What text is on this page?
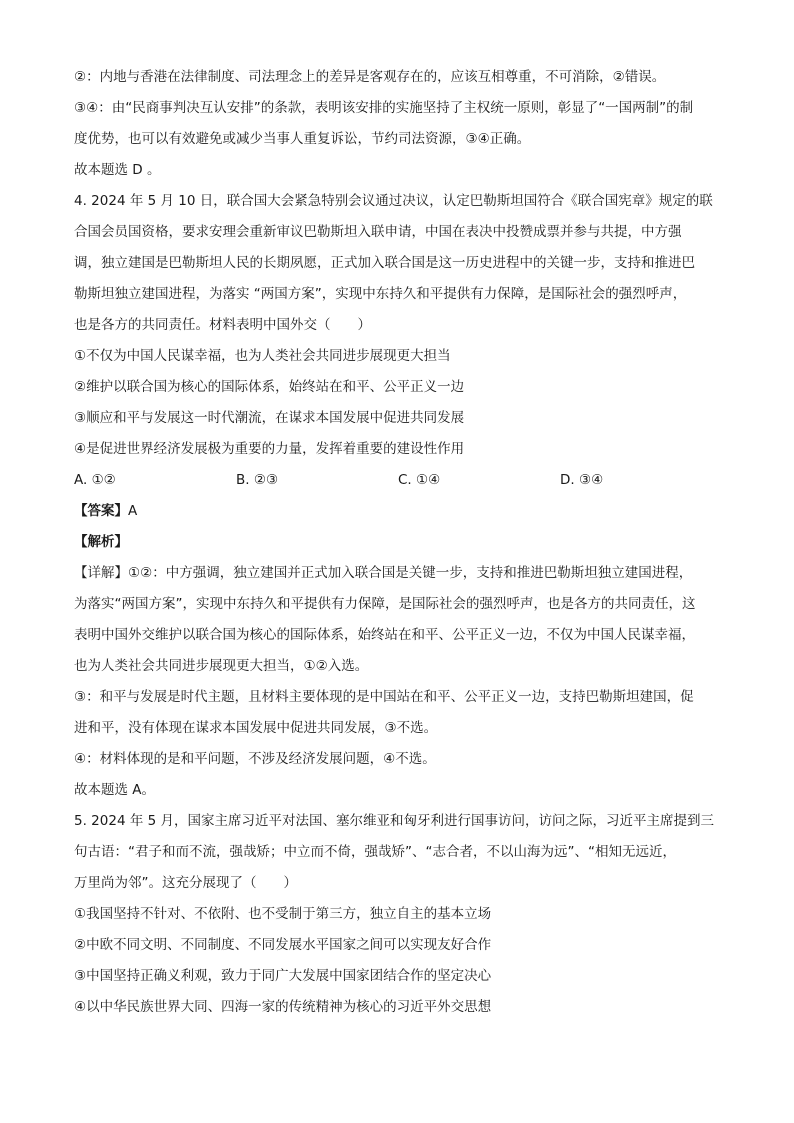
②：内地与香港在法律制度、司法理念上的差异是客观存在的，应该互相尊重，不可消除，②错误。

③④：由“民商事判决互认安排”的条款，表明该安排的实施坚持了主权统一原则，彰显了“一国两制”的制

度优势，也可以有效避免或减少当事人重复诉讼，节约司法资源，③④正确。

故本题选 D 。

4. 2024 年 5 月 10 日，联合国大会紧急特别会议通过决议，认定巴勒斯坦国符合《联合国宪章》规定的联

合国会员国资格，要求安理会重新审议巴勒斯坦入联申请，中国在表决中投赞成票并参与共提，中方强

调，独立建国是巴勒斯坦人民的长期夙愿，正式加入联合国是这一历史进程中的关键一步，支持和推进巴

勒斯坦独立建国进程，为落实 “两国方案”，实现中东持久和平提供有力保障，是国际社会的强烈呼声，

也是各方的共同责任。材料表明中国外交（　　）

①不仅为中国人民谋幸福，也为人类社会共同进步展现更大担当

②维护以联合国为核心的国际体系，始终站在和平、公平正义一边

③顺应和平与发展这一时代潮流，在谋求本国发展中促进共同发展

④是促进世界经济发展极为重要的力量，发挥着重要的建设性作用

A. ①②	B. ②③	C. ①④	D. ③④

【答案】A

【解析】

【详解】①②：中方强调，独立建国并正式加入联合国是关键一步，支持和推进巴勒斯坦独立建国进程，

为落实“两国方案”，实现中东持久和平提供有力保障，是国际社会的强烈呼声，也是各方的共同责任，这

表明中国外交维护以联合国为核心的国际体系，始终站在和平、公平正义一边，不仅为中国人民谋幸福，

也为人类社会共同进步展现更大担当，①②入选。

③：和平与发展是时代主题，且材料主要体现的是中国站在和平、公平正义一边，支持巴勒斯坦建国，促

进和平，没有体现在谋求本国发展中促进共同发展，③不选。

④：材料体现的是和平问题，不涉及经济发展问题，④不选。

故本题选 A。

5. 2024 年 5 月，国家主席习近平对法国、塞尔维亚和匈牙利进行国事访问，访问之际，习近平主席提到三

句古语：“君子和而不流，强哉矫；中立而不倚，强哉矫”、“志合者，不以山海为远”、“相知无远近，

万里尚为邻”。这充分展现了（　　）

①我国坚持不针对、不依附、也不受制于第三方，独立自主的基本立场

②中欧不同文明、不同制度、不同发展水平国家之间可以实现友好合作

③中国坚持正确义利观，致力于同广大发展中国家团结合作的坚定决心

④以中华民族世界大同、四海一家的传统精神为核心的习近平外交思想
